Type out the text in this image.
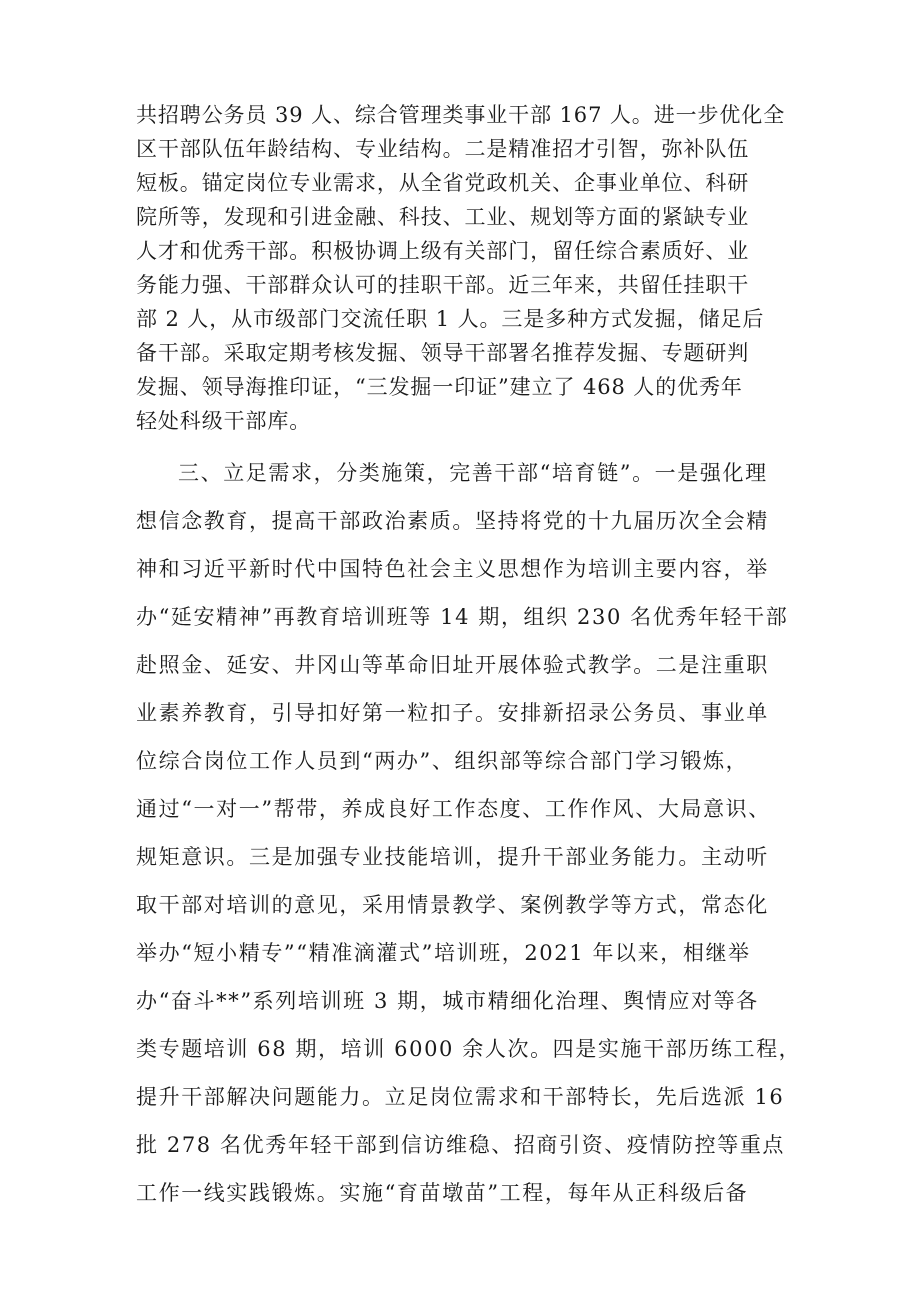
共招聘公务员 39 人、综合管理类事业干部 167 人。进一步优化全
区干部队伍年龄结构、专业结构。二是精准招才引智，弥补队伍
短板。锚定岗位专业需求，从全省党政机关、企事业单位、科研
院所等，发现和引进金融、科技、工业、规划等方面的紧缺专业
人才和优秀干部。积极协调上级有关部门，留任综合素质好、业
务能力强、干部群众认可的挂职干部。近三年来，共留任挂职干
部 2 人，从市级部门交流任职 1 人。三是多种方式发掘，储足后
备干部。采取定期考核发掘、领导干部署名推荐发掘、专题研判
发掘、领导海推印证，“三发掘一印证”建立了 468 人的优秀年
轻处科级干部库。
三、立足需求，分类施策，完善干部“培育链”。一是强化理
想信念教育，提高干部政治素质。坚持将党的十九届历次全会精
神和习近平新时代中国特色社会主义思想作为培训主要内容，举
办“延安精神”再教育培训班等 14 期，组织 230 名优秀年轻干部
赴照金、延安、井冈山等革命旧址开展体验式教学。二是注重职
业素养教育，引导扣好第一粒扣子。安排新招录公务员、事业单
位综合岗位工作人员到“两办”、组织部等综合部门学习锻炼，
通过“一对一”帮带，养成良好工作态度、工作作风、大局意识、
规矩意识。三是加强专业技能培训，提升干部业务能力。主动听
取干部对培训的意见，采用情景教学、案例教学等方式，常态化
举办“短小精专”“精准滴灌式”培训班，2021 年以来，相继举
办“奋斗**”系列培训班 3 期，城市精细化治理、舆情应对等各
类专题培训 68 期，培训 6000 余人次。四是实施干部历练工程，
提升干部解决问题能力。立足岗位需求和干部特长，先后选派 16
批 278 名优秀年轻干部到信访维稳、招商引资、疫情防控等重点
工作一线实践锻炼。实施“育苗墩苗”工程，每年从正科级后备
